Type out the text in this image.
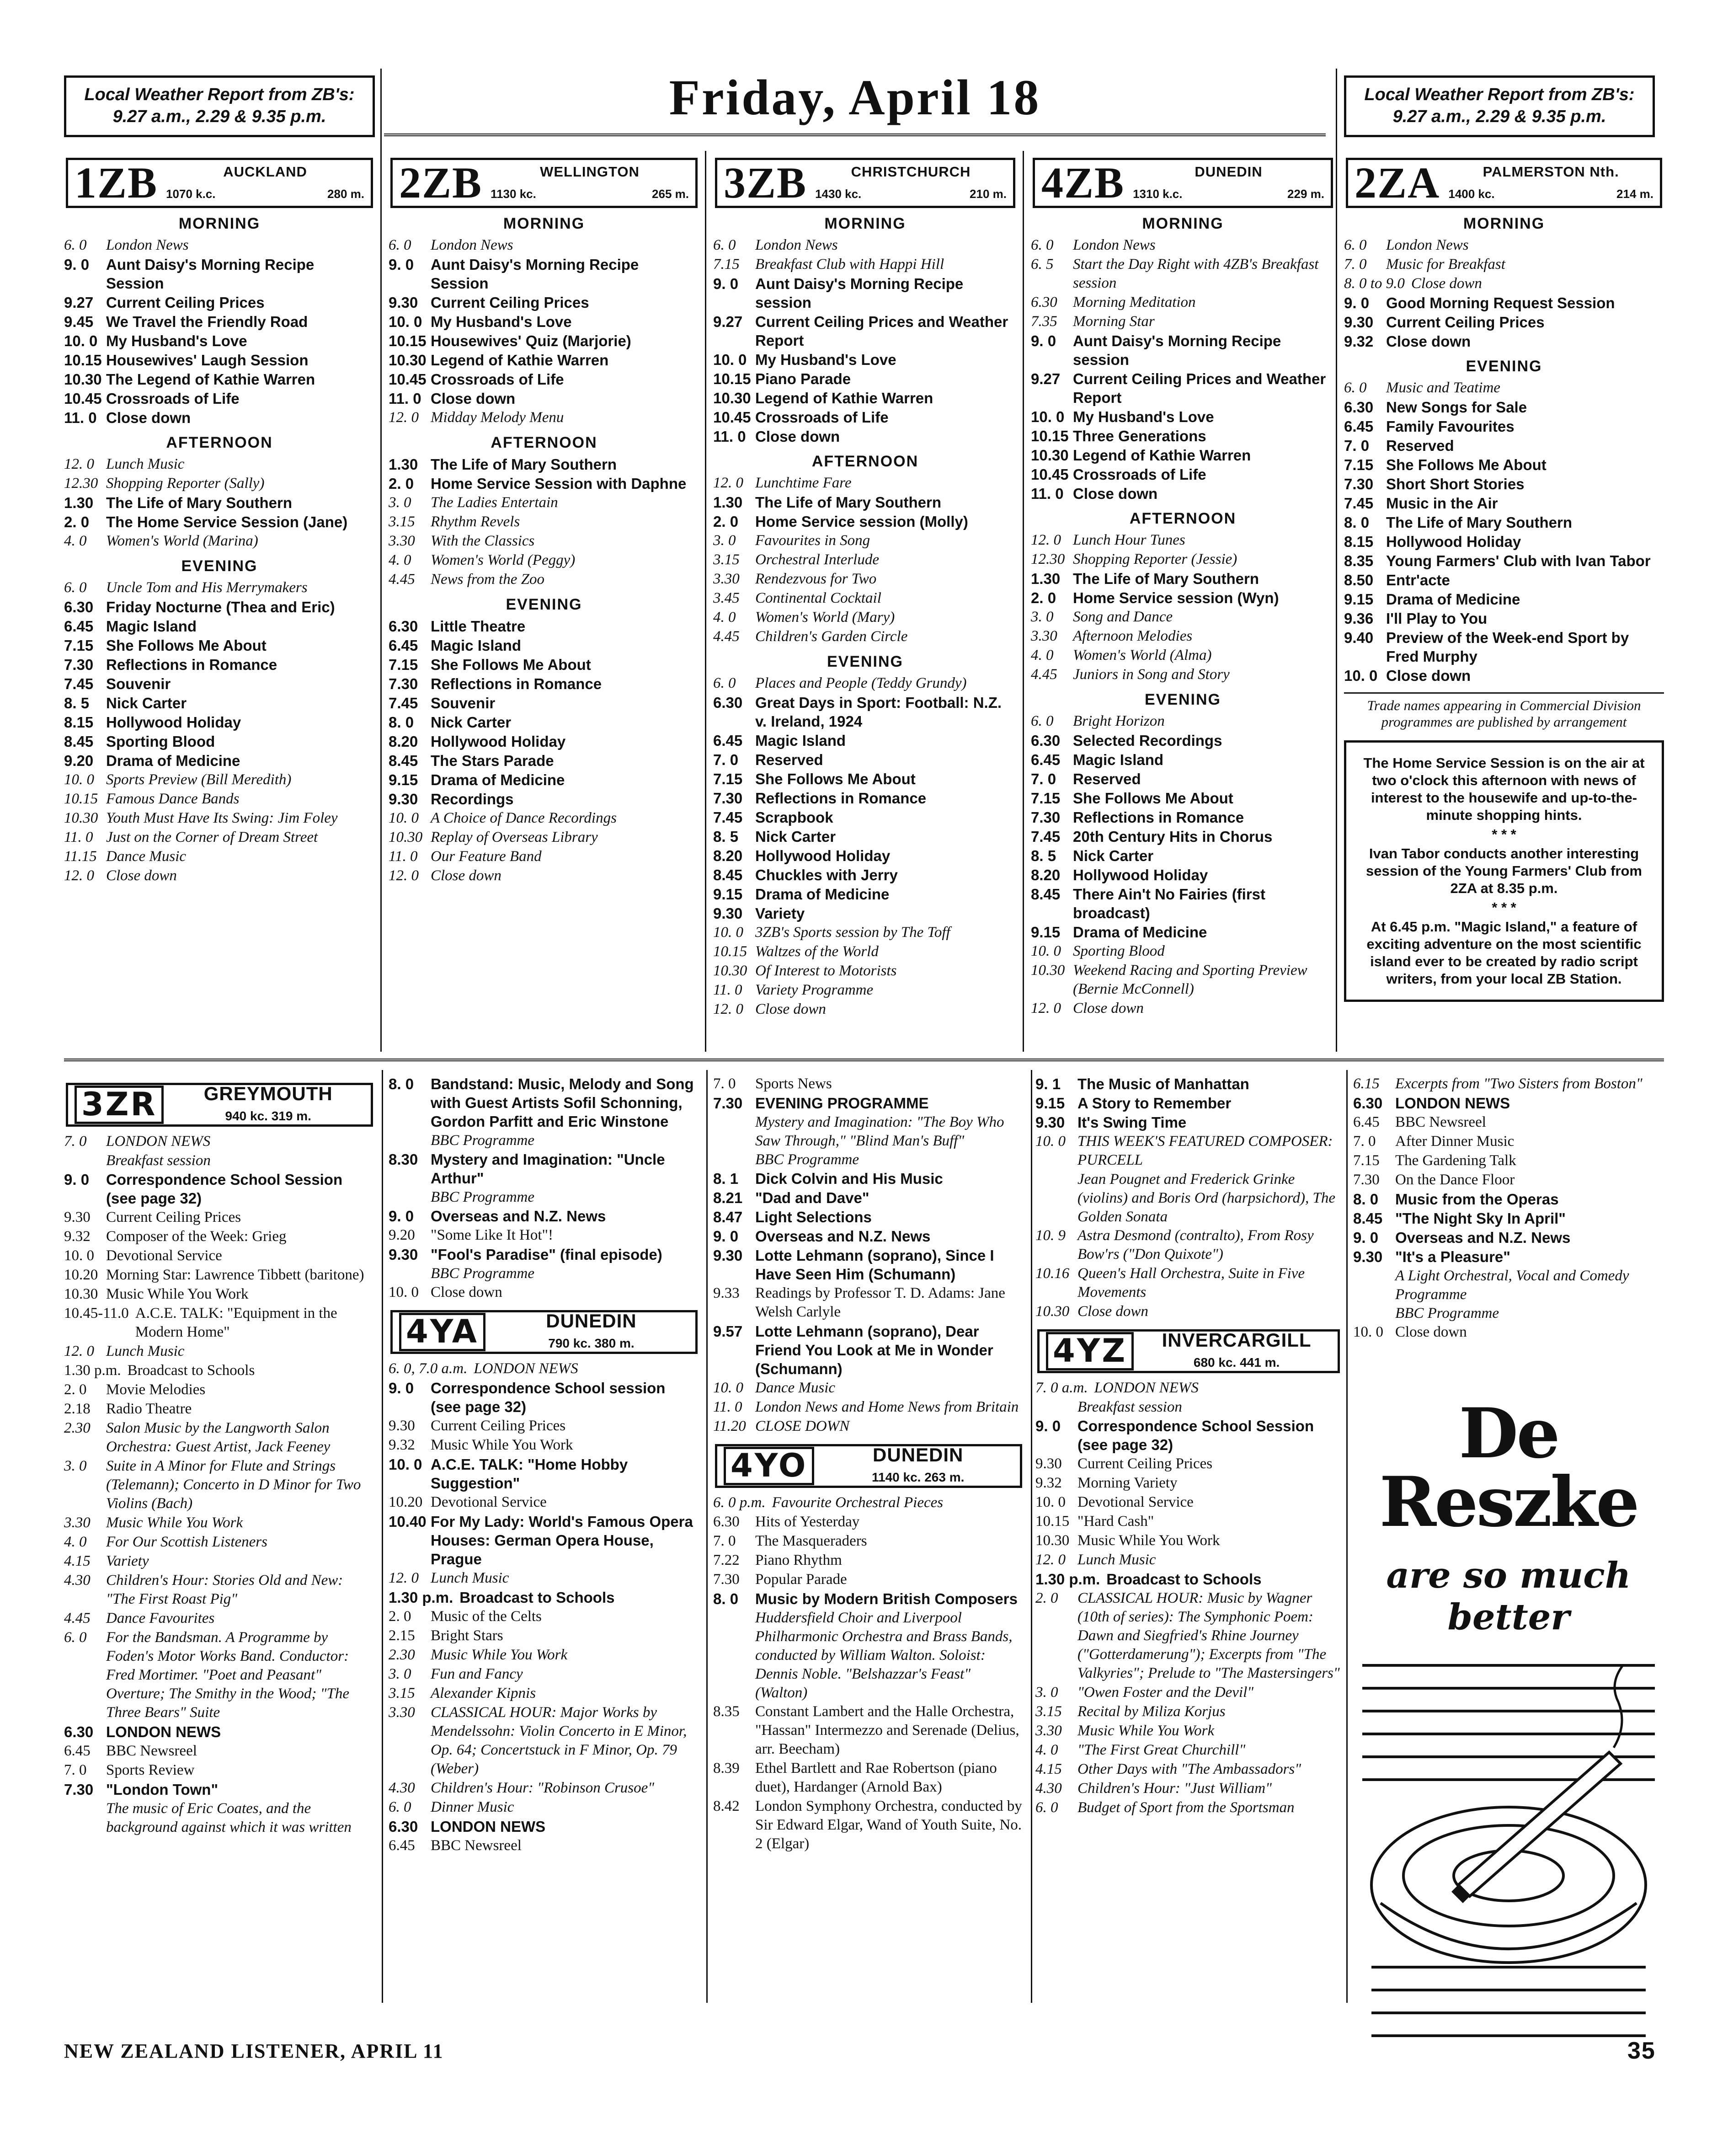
Local Weather Report from ZB's:
9.27 a.m., 2.29 & 9.35 p.m.	Friday, April 18	Local Weather Report from ZB's:
9.27 a.m., 2.29 & 9.35 p.m.
1ZB	AUCKLAND
1070 k.c.	280 m.
MORNING
6. 0	London News
9. 0	Aunt Daisy's Morning Recipe Session
9.27 Current Ceiling Prices
9.45 We Travel the Friendly Road
10. 0 My Husband's Love
10.15 Housewives' Laugh Session
10.30 The Legend of Kathie Warren
10.45 Crossroads of Life
11. 0 Close down
AFTERNOON
12. 0 Lunch Music
12.30 Shopping Reporter (Sally)
1.30 The Life of Mary Southern
2. 0	The Home Service Session (Jane)
4. 0	Women's World (Marina)
EVENING
6. 0	Uncle Tom and His Merrymakers
6.30 Friday Nocturne (Thea and Eric)
6.45 Magic Island
7.15 She Follows Me About
7.30 Reflections in Romance
7.45 Souvenir
8. 5	Nick Carter
8.15 Hollywood Holiday
8.45 Sporting Blood
9.20 Drama of Medicine
10. 0 Sports Preview (Bill Meredith)
10.15 Famous Dance Bands
10.30 Youth Must Have Its Swing: Jim Foley
11. 0 Just on the Corner of Dream Street
11.15 Dance Music
12. 0 Close down
2ZB	WELLINGTON
1130 kc.	265 m.
MORNING
6. 0	London News
9. 0	Aunt Daisy's Morning Recipe Session
9.30 Current Ceiling Prices
10. 0 My Husband's Love
10.15 Housewives' Quiz (Marjorie)
10.30 Legend of Kathie Warren
10.45 Crossroads of Life
11. 0 Close down
12. 0 Midday Melody Menu
AFTERNOON
1.30 The Life of Mary Southern
2. 0	Home Service Session with Daphne
3. 0	The Ladies Entertain
3.15	Rhythm Revels
3.30	With the Classics
4. 0	Women's World (Peggy)
4.45	News from the Zoo
EVENING
6.30 Little Theatre
6.45 Magic Island
7.15 She Follows Me About
7.30 Reflections in Romance
7.45 Souvenir
8. 0	Nick Carter
8.20 Hollywood Holiday
8.45 The Stars Parade
9.15 Drama of Medicine
9.30 Recordings
10. 0 A Choice of Dance Recordings
10.30 Replay of Overseas Library
11. 0 Our Feature Band
12. 0 Close down
3ZB	CHRISTCHURCH
1430 kc.	210 m.
MORNING
6. 0	London News
7.15	Breakfast Club with Happi Hill
9. 0	Aunt Daisy's Morning Recipe session
9.27 Current Ceiling Prices and Weather Report
10. 0 My Husband's Love
10.15 Piano Parade
10.30 Legend of Kathie Warren
10.45 Crossroads of Life
11. 0 Close down
AFTERNOON
12. 0 Lunchtime Fare
1.30 The Life of Mary Southern
2. 0	Home Service session (Molly)
3. 0	Favourites in Song
3.15	Orchestral Interlude
3.30	Rendezvous for Two
3.45	Continental Cocktail
4. 0	Women's World (Mary)
4.45	Children's Garden Circle
EVENING
6. 0	Places and People (Teddy Grundy)
6.30 Great Days in Sport: Football: N.Z. v. Ireland, 1924
6.45 Magic Island
7. 0	Reserved
7.15 She Follows Me About
7.30 Reflections in Romance
7.45 Scrapbook
8. 5	Nick Carter
8.20 Hollywood Holiday
8.45 Chuckles with Jerry
9.15 Drama of Medicine
9.30 Variety
10. 0 3ZB's Sports session by The Toff
10.15 Waltzes of the World
10.30 Of Interest to Motorists
11. 0 Variety Programme
12. 0 Close down
4ZB	DUNEDIN
1310 k.c.	229 m.
MORNING
6. 0	London News
6. 5	Start the Day Right with 4ZB's Breakfast session
6.30	Morning Meditation
7.35	Morning Star
9. 0	Aunt Daisy's Morning Recipe session
9.27 Current Ceiling Prices and Weather Report
10. 0 My Husband's Love
10.15 Three Generations
10.30 Legend of Kathie Warren
10.45 Crossroads of Life
11. 0 Close down
AFTERNOON
12. 0 Lunch Hour Tunes
12.30 Shopping Reporter (Jessie)
1.30 The Life of Mary Southern
2. 0	Home Service session (Wyn)
3. 0	Song and Dance
3.30	Afternoon Melodies
4. 0	Women's World (Alma)
4.45	Juniors in Song and Story
EVENING
6. 0	Bright Horizon
6.30 Selected Recordings
6.45 Magic Island
7. 0	Reserved
7.15 She Follows Me About
7.30 Reflections in Romance
7.45 20th Century Hits in Chorus
8. 5	Nick Carter
8.20 Hollywood Holiday
8.45 There Ain't No Fairies (first broadcast)
9.15 Drama of Medicine
10. 0 Sporting Blood
10.30 Weekend Racing and Sporting Preview (Bernie McConnell)
12. 0 Close down
2ZA	PALMERSTON Nth.
1400 kc.	214 m.
MORNING
6. 0	London News
7. 0	Music for Breakfast
8. 0 to 9.0 Close down
9. 0	Good Morning Request Session
9.30 Current Ceiling Prices
9.32 Close down
EVENING
6. 0	Music and Teatime
6.30 New Songs for Sale
6.45 Family Favourites
7. 0	Reserved
7.15 She Follows Me About
7.30 Short Short Stories
7.45 Music in the Air
8. 0	The Life of Mary Southern
8.15 Hollywood Holiday
8.35 Young Farmers' Club with Ivan Tabor
8.50 Entr'acte
9.15 Drama of Medicine
9.36 I'll Play to You
9.40 Preview of the Week-end Sport by Fred Murphy
10. 0 Close down
Trade names appearing in Commercial Division programmes are published by arrangement
The Home Service Session is on the air at two o'clock this afternoon with news of interest to the housewife and up-to-the-minute shopping hints.
* * *
Ivan Tabor conducts another interesting session of the Young Farmers' Club from 2ZA at 8.35 p.m.
* * *
At 6.45 p.m. "Magic Island," a feature of exciting adventure on the most scientific island ever to be created by radio script writers, from your local ZB Station.
3ZR	GREYMOUTH
940 kc. 319 m.
7. 0	LONDON NEWS
Breakfast session
9. 0	Correspondence School Session (see page 32)
9.30	Current Ceiling Prices
9.32	Composer of the Week: Grieg
10. 0 Devotional Service
10.20 Morning Star: Lawrence Tibbett (baritone)
10.30 Music While You Work
10.45-11.0 A.C.E. TALK: "Equipment in the Modern Home"
12. 0 Lunch Music
1.30 p.m. Broadcast to Schools
2. 0	Movie Melodies
2.18	Radio Theatre
2.30	Salon Music by the Langworth Salon Orchestra: Guest Artist, Jack Feeney
3. 0	Suite in A Minor for Flute and Strings (Telemann); Concerto in D Minor for Two Violins (Bach)
3.30	Music While You Work
4. 0	For Our Scottish Listeners
4.15	Variety
4.30	Children's Hour: Stories Old and New: "The First Roast Pig"
4.45	Dance Favourites
6. 0	For the Bandsman. A Programme by Foden's Motor Works Band. Conductor: Fred Mortimer. "Poet and Peasant" Overture; The Smithy in the Wood; "The Three Bears" Suite
6.30 LONDON NEWS
6.45	BBC Newsreel
7. 0	Sports Review
7.30 "London Town"
The music of Eric Coates, and the background against which it was written
8. 0	Bandstand: Music, Melody and Song with Guest Artists Sofil Schonning, Gordon Parfitt and Eric Winstone
BBC Programme
8.30 Mystery and Imagination: "Uncle Arthur"
BBC Programme
9. 0	Overseas and N.Z. News
9.20	"Some Like It Hot"!
9.30 "Fool's Paradise" (final episode)
BBC Programme
10. 0 Close down
4YA	DUNEDIN
790 kc. 380 m.
6. 0, 7.0 a.m. LONDON NEWS
9. 0	Correspondence School session (see page 32)
9.30	Current Ceiling Prices
9.32	Music While You Work
10. 0 A.C.E. TALK: "Home Hobby Suggestion"
10.20 Devotional Service
10.40 For My Lady: World's Famous Opera Houses: German Opera House, Prague
12. 0 Lunch Music
1.30 p.m. Broadcast to Schools
2. 0	Music of the Celts
2.15	Bright Stars
2.30	Music While You Work
3. 0	Fun and Fancy
3.15	Alexander Kipnis
3.30	CLASSICAL HOUR: Major Works by Mendelssohn: Violin Concerto in E Minor, Op. 64; Concertstuck in F Minor, Op. 79 (Weber)
4.30	Children's Hour: "Robinson Crusoe"
6. 0	Dinner Music
6.30 LONDON NEWS
6.45	BBC Newsreel
7. 0	Sports News
7.30 EVENING PROGRAMME
Mystery and Imagination: "The Boy Who Saw Through," "Blind Man's Buff"
BBC Programme
8. 1	Dick Colvin and His Music
8.21 "Dad and Dave"
8.47 Light Selections
9. 0	Overseas and N.Z. News
9.30 Lotte Lehmann (soprano), Since I Have Seen Him (Schumann)
9.33	Readings by Professor T. D. Adams: Jane Welsh Carlyle
9.57 Lotte Lehmann (soprano), Dear Friend You Look at Me in Wonder (Schumann)
10. 0 Dance Music
11. 0 London News and Home News from Britain
11.20 CLOSE DOWN
4YO	DUNEDIN
1140 kc. 263 m.
6. 0 p.m. Favourite Orchestral Pieces
6.30	Hits of Yesterday
7. 0	The Masqueraders
7.22	Piano Rhythm
7.30	Popular Parade
8. 0	Music by Modern British Composers
Huddersfield Choir and Liverpool Philharmonic Orchestra and Brass Bands, conducted by William Walton. Soloist: Dennis Noble. "Belshazzar's Feast" (Walton)
8.35	Constant Lambert and the Halle Orchestra, "Hassan" Intermezzo and Serenade (Delius, arr. Beecham)
8.39	Ethel Bartlett and Rae Robertson (piano duet), Hardanger (Arnold Bax)
8.42	London Symphony Orchestra, conducted by Sir Edward Elgar, Wand of Youth Suite, No. 2 (Elgar)
9. 1	The Music of Manhattan
9.15 A Story to Remember
9.30 It's Swing Time
10. 0 THIS WEEK'S FEATURED COMPOSER: PURCELL
Jean Pougnet and Frederick Grinke (violins) and Boris Ord (harpsichord), The Golden Sonata
10. 9 Astra Desmond (contralto), From Rosy Bow'rs ("Don Quixote")
10.16 Queen's Hall Orchestra, Suite in Five Movements
10.30 Close down
4YZ	INVERCARGILL
680 kc. 441 m.
7. 0 a.m. LONDON NEWS
Breakfast session
9. 0	Correspondence School Session (see page 32)
9.30	Current Ceiling Prices
9.32	Morning Variety
10. 0 Devotional Service
10.15 "Hard Cash"
10.30 Music While You Work
12. 0 Lunch Music
1.30 p.m. Broadcast to Schools
2. 0	CLASSICAL HOUR: Music by Wagner (10th of series): The Symphonic Poem: Dawn and Siegfried's Rhine Journey ("Gotterdamerung"); Excerpts from "The Valkyries"; Prelude to "The Mastersingers"
3. 0	"Owen Foster and the Devil"
3.15	Recital by Miliza Korjus
3.30	Music While You Work
4. 0	"The First Great Churchill"
4.15	Other Days with "The Ambassadors"
4.30	Children's Hour: "Just William"
6. 0	Budget of Sport from the Sportsman
6.15	Excerpts from "Two Sisters from Boston"
6.30 LONDON NEWS
6.45	BBC Newsreel
7. 0	After Dinner Music
7.15	The Gardening Talk
7.30	On the Dance Floor
8. 0	Music from the Operas
8.45 "The Night Sky In April"
9. 0	Overseas and N.Z. News
9.30 "It's a Pleasure"
A Light Orchestral, Vocal and Comedy Programme
BBC Programme
10. 0 Close down
De Reszke
are so much better
NEW ZEALAND LISTENER, APRIL 11	35
